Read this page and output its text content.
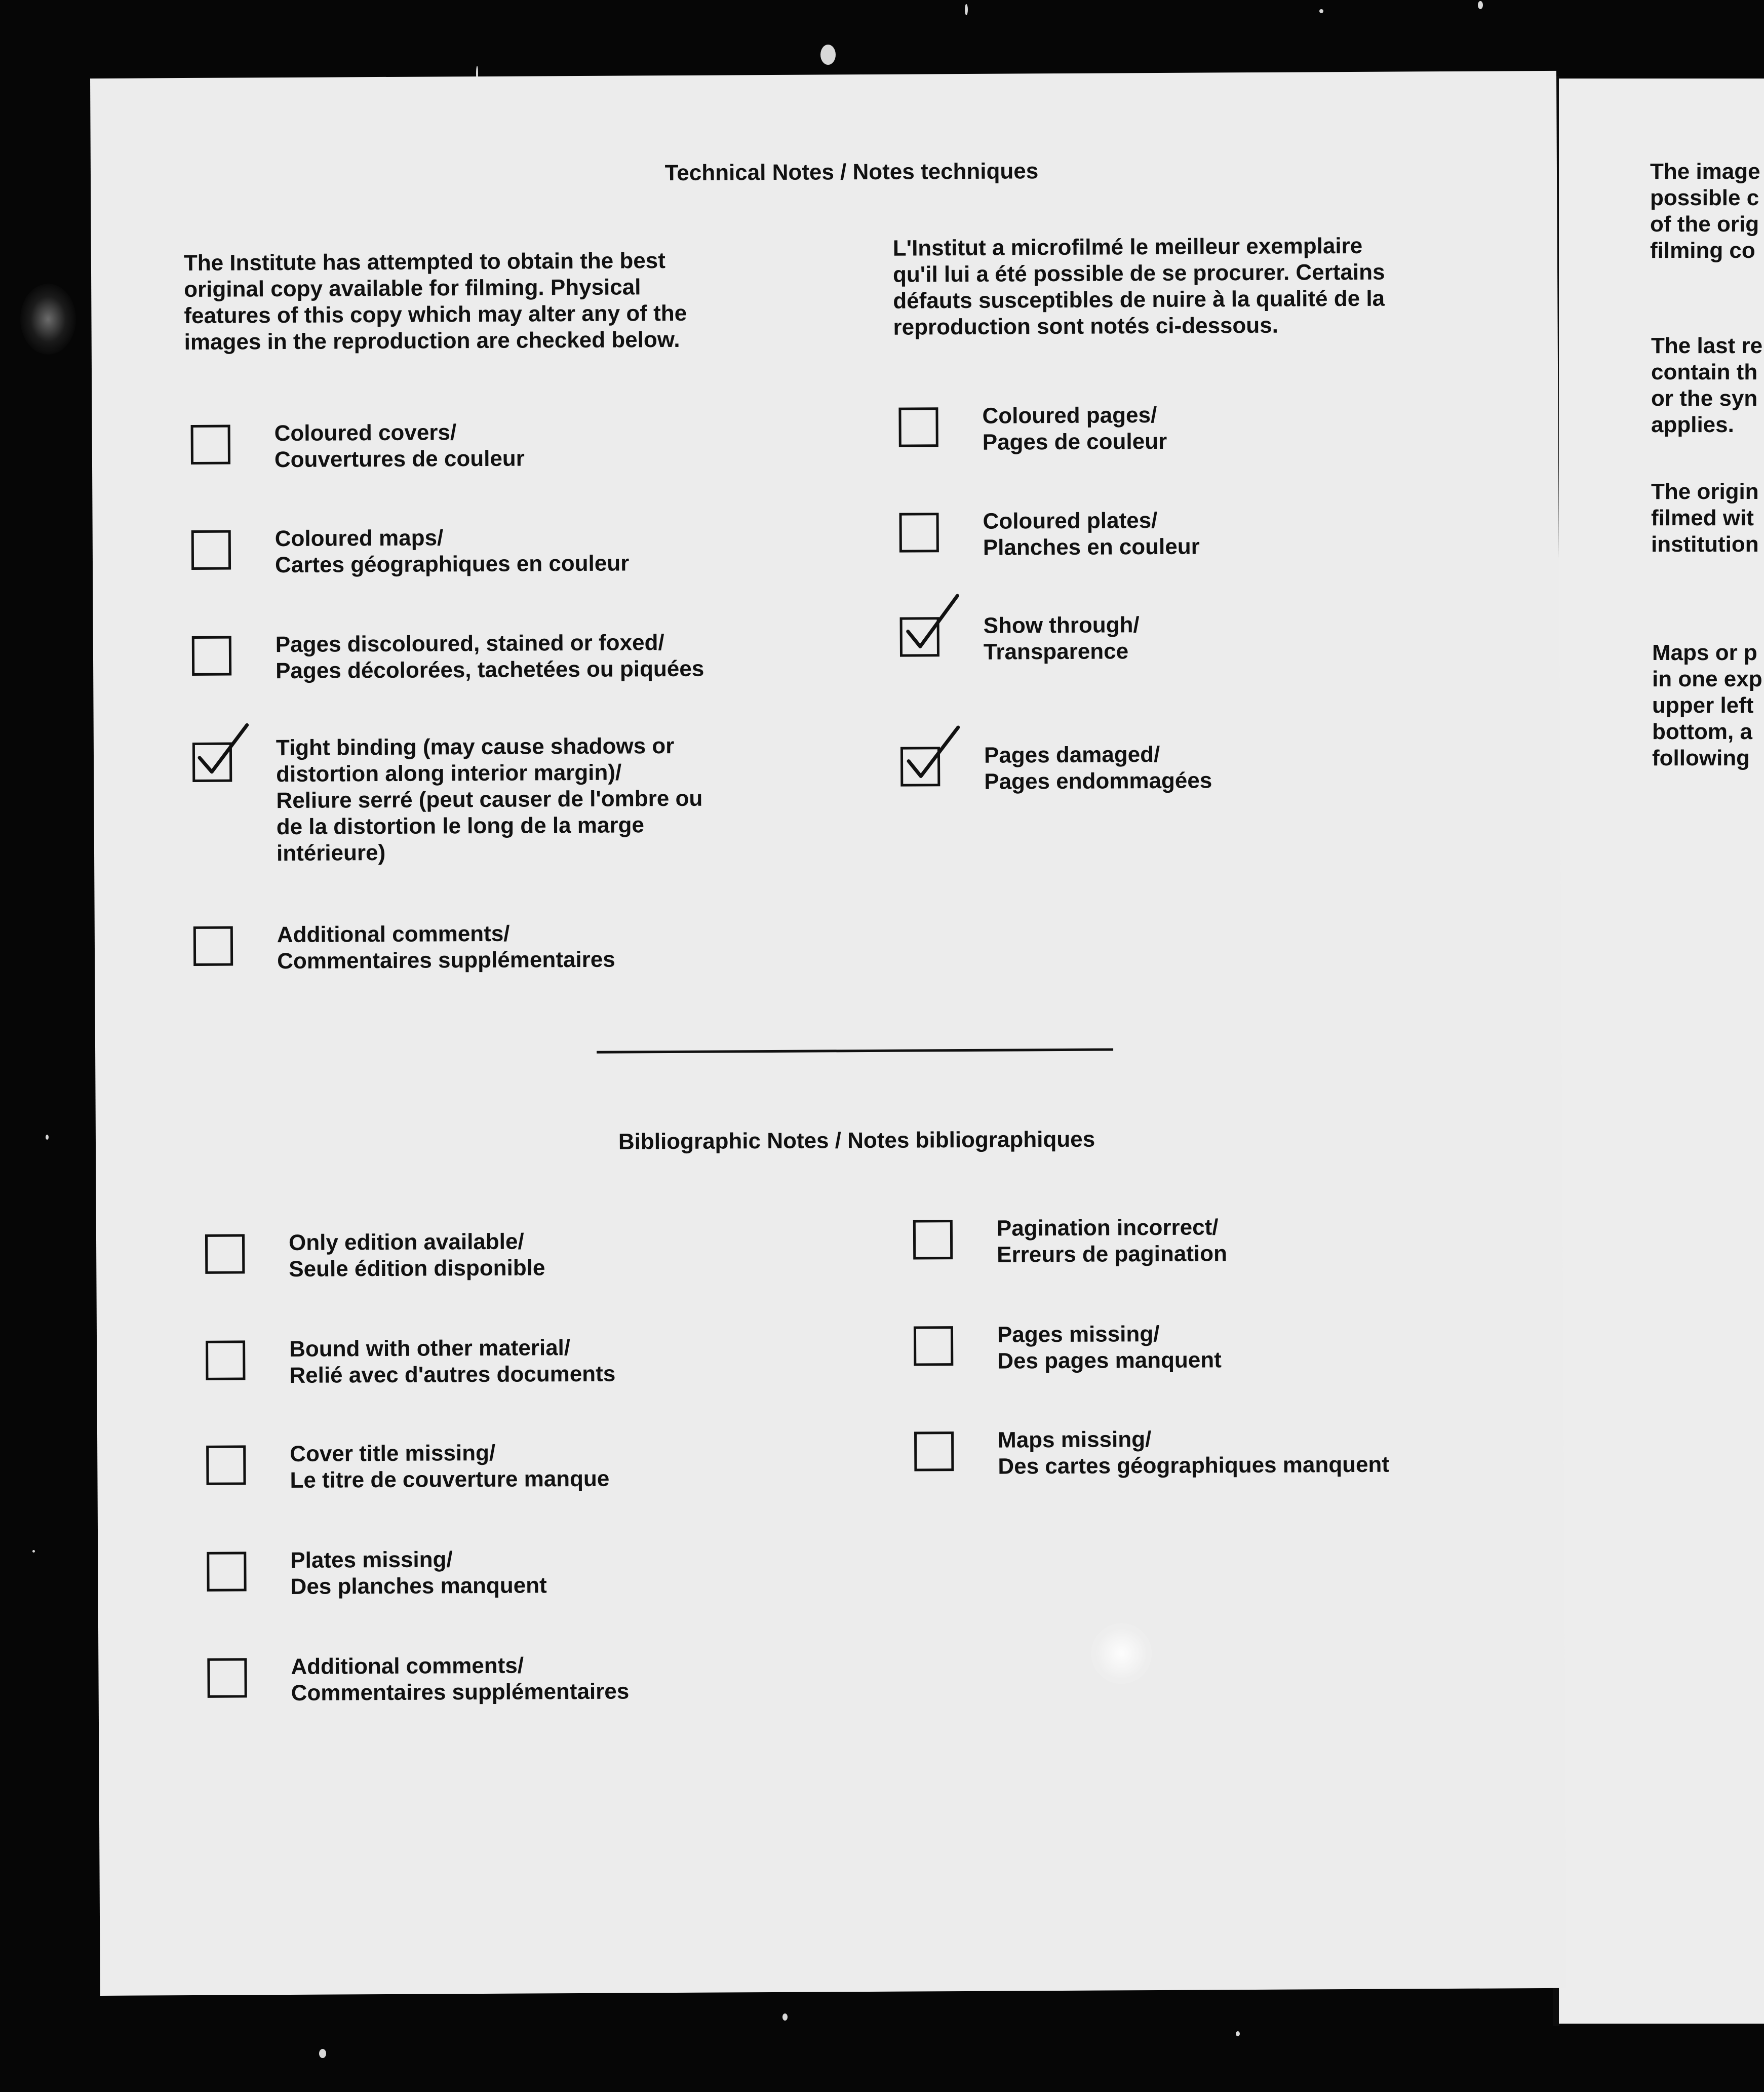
The image
possible c
of the orig
filming co
The last re
contain th
or the syn
applies.
The origin
filmed wit
institution
Maps or p
in one exp
upper left
bottom, a
following
Technical Notes / Notes techniques
The Institute has attempted to obtain the best
original copy available for filming. Physical
features of this copy which may alter any of the
images in the reproduction are checked below.
L'Institut a microfilmé le meilleur exemplaire
qu'il lui a été possible de se procurer. Certains
défauts susceptibles de nuire à la qualité de la
reproduction sont notés ci-dessous.
Coloured covers/
Couvertures de couleur
Coloured maps/
Cartes géographiques en couleur
Pages discoloured, stained or foxed/
Pages décolorées, tachetées ou piquées
Tight binding (may cause shadows or
distortion along interior margin)/
Reliure serré (peut causer de l'ombre ou
de la distortion le long de la marge
intérieure)
Additional comments/
Commentaires supplémentaires
Coloured pages/
Pages de couleur
Coloured plates/
Planches en couleur
Show through/
Transparence
Pages damaged/
Pages endommagées
Bibliographic Notes / Notes bibliographiques
Only edition available/
Seule édition disponible
Bound with other material/
Relié avec d'autres documents
Cover title missing/
Le titre de couverture manque
Plates missing/
Des planches manquent
Additional comments/
Commentaires supplémentaires
Pagination incorrect/
Erreurs de pagination
Pages missing/
Des pages manquent
Maps missing/
Des cartes géographiques manquent
